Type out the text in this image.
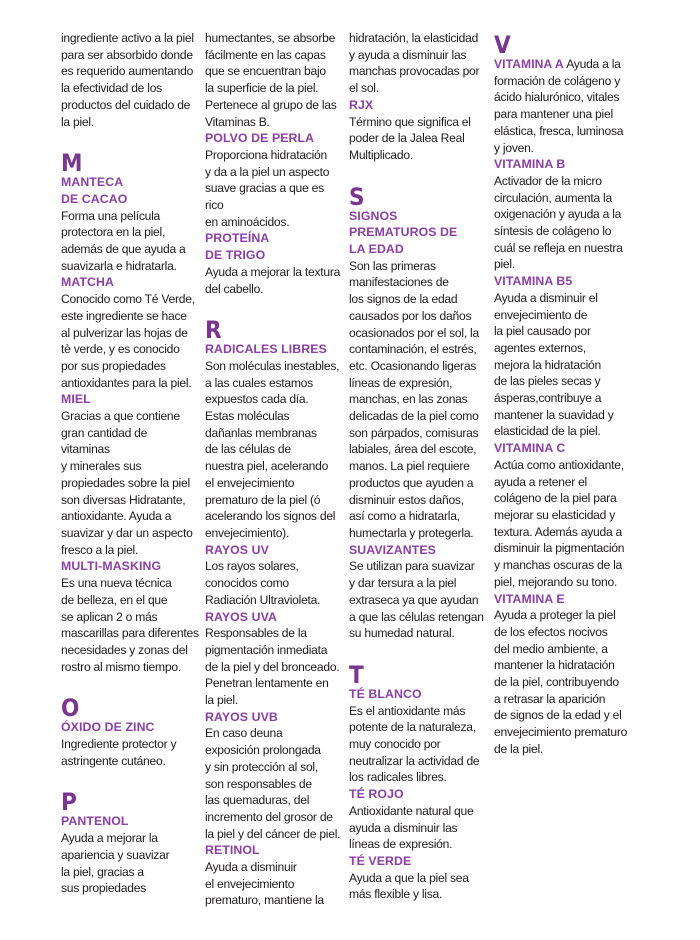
ingrediente activo a la piel
para ser absorbido donde
es requerido aumentando
la efectividad de los
productos del cuidado de
la piel.

M

MANTECA
DE CACAO

Forma una película
protectora en la piel,
además de que ayuda a
suavizarla e hidratarla.

MATCHA

Conocido como Té Verde,
este ingrediente se hace
al pulverizar las hojas de
tè verde, y es conocido
por sus propiedades
antioxidantes para la piel.

MIEL

Gracias a que contiene
gran cantidad de
vitaminas
y minerales sus
propiedades sobre la piel
son diversas Hidratante,
antioxidante. Ayuda a
suavizar y dar un aspecto
fresco a la piel.

MULTI-MASKING

Es una nueva técnica
de belleza, en el que
se aplican 2 o más
mascarillas para diferentes
necesidades y zonas del
rostro al mismo tiempo.

O

ÓXIDO DE ZINC

Ingrediente protector y
astringente cutáneo.

P

PANTENOL

Ayuda a mejorar la
apariencia y suavizar
la piel, gracias a
sus propiedades

humectantes, se absorbe
fácilmente en las capas
que se encuentran bajo
la superficie de la piel.
Pertenece al grupo de las
Vitaminas B.

POLVO DE PERLA

Proporciona hidratación
y da a la piel un aspecto
suave gracias a que es rico
en aminoácidos.

PROTEÍNA
DE TRIGO

Ayuda a mejorar la textura
del cabello.

R

RADICALES LIBRES

Son moléculas inestables,
a las cuales estamos
expuestos cada día.
Estas moléculas
dañanlas membranas
de las células de
nuestra piel, acelerando
el envejecimiento
prematuro de la piel (ó
acelerando los signos del
envejecimiento).

RAYOS UV

Los rayos solares,
conocidos como
Radiación Ultravioleta.

RAYOS UVA

Responsables de la
pigmentación inmediata
de la piel y del bronceado.
Penetran lentamente en
la piel.

RAYOS UVB

En caso deuna
exposición prolongada
y sin protección al sol,
son responsables de
las quemaduras, del
incremento del grosor de
la piel y del cáncer de piel.

RETINOL

Ayuda a disminuir
el envejecimiento
prematuro, mantiene la

hidratación, la elasticidad
y ayuda a disminuir las
manchas provocadas por
el sol.

RJX

Término que significa el
poder de la Jalea Real
Multiplicado.

S

SIGNOS
PREMATUROS DE
LA EDAD

Son las primeras
manifestaciones de
los signos de la edad
causados por los daños
ocasionados por el sol, la
contaminación, el estrés,
etc. Ocasionando ligeras
líneas de expresión,
manchas, en las zonas
delicadas de la piel como
son párpados, comisuras
labiales, área del escote,
manos. La piel requiere
productos que ayuden a
disminuir estos daños,
así como a hidratarla,
humectarla y protegerla.

SUAVIZANTES

Se utilizan para suavizar
y dar tersura a la piel
extraseca ya que ayudan
a que las células retengan
su humedad natural.

T

TÉ BLANCO

Es el antioxidante más
potente de la naturaleza,
muy conocido por
neutralizar la actividad de
los radicales libres.

TÉ ROJO

Antioxidante natural que
ayuda a disminuir las
líneas de expresión.

TÉ VERDE

Ayuda a que la piel sea
más flexible y lisa.

V

VITAMINA A Ayuda a la

formación de colágeno y
ácido hialurónico, vitales
para mantener una piel
elástica, fresca, luminosa
y joven.

VITAMINA B

Activador de la micro
circulación, aumenta la
oxigenación y ayuda a la
síntesis de colágeno lo
cuál se refleja en nuestra
piel.

VITAMINA B5

Ayuda a disminuir el
envejecimiento de
la piel causado por
agentes externos,
mejora la hidratación
de las pieles secas y
ásperas,contribuye a
mantener la suavidad y
elasticidad de la piel.

VITAMINA C

Actúa como antioxidante,
ayuda a retener el
colágeno de la piel para
mejorar su elasticidad y
textura. Además ayuda a
disminuir la pigmentación
y manchas oscuras de la
piel, mejorando su tono.

VITAMINA E

Ayuda a proteger la piel
de los efectos nocivos
del medio ambiente, a
mantener la hidratación
de la piel, contribuyendo
a retrasar la aparición
de signos de la edad y el
envejecimiento prematuro
de la piel.
